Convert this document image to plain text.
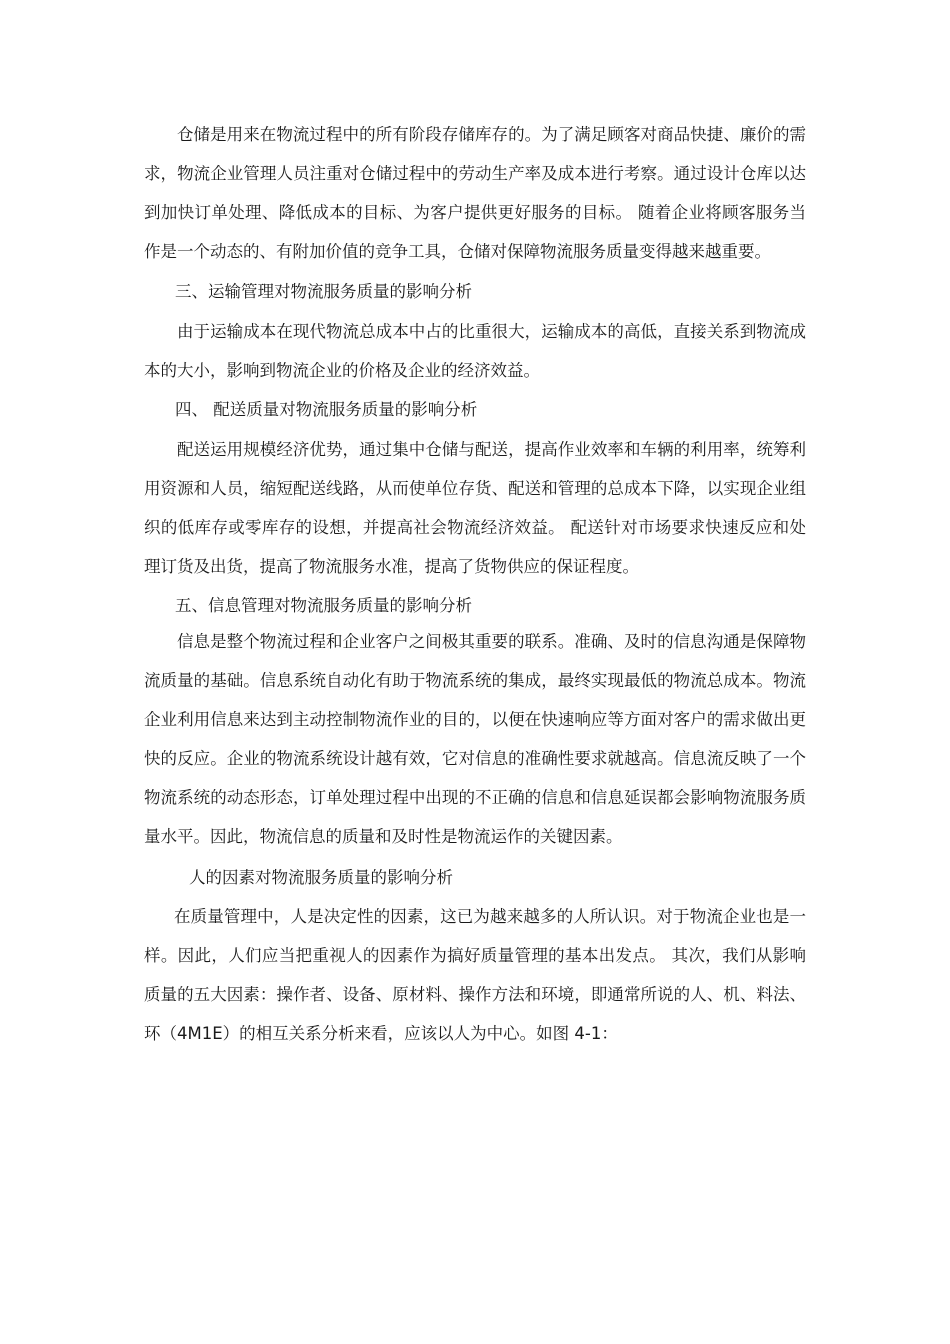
仓储是用来在物流过程中的所有阶段存储库存的。为了满足顾客对商品快捷、廉价的需求，物流企业管理人员注重对仓储过程中的劳动生产率及成本进行考察。通过设计仓库以达到加快订单处理、降低成本的目标、为客户提供更好服务的目标。 随着企业将顾客服务当作是一个动态的、有附加价值的竞争工具，仓储对保障物流服务质量变得越来越重要。

三、运输管理对物流服务质量的影响分析

由于运输成本在现代物流总成本中占的比重很大，运输成本的高低，直接关系到物流成本的大小，影响到物流企业的价格及企业的经济效益。

四、 配送质量对物流服务质量的影响分析

配送运用规模经济优势，通过集中仓储与配送，提高作业效率和车辆的利用率，统筹利用资源和人员，缩短配送线路，从而使单位存货、配送和管理的总成本下降，以实现企业组织的低库存或零库存的设想，并提高社会物流经济效益。 配送针对市场要求快速反应和处理订货及出货，提高了物流服务水准，提高了货物供应的保证程度。

五、信息管理对物流服务质量的影响分析

信息是整个物流过程和企业客户之间极其重要的联系。准确、及时的信息沟通是保障物流质量的基础。信息系统自动化有助于物流系统的集成，最终实现最低的物流总成本。物流企业利用信息来达到主动控制物流作业的目的，以便在快速响应等方面对客户的需求做出更快的反应。企业的物流系统设计越有效，它对信息的准确性要求就越高。信息流反映了一个物流系统的动态形态，订单处理过程中出现的不正确的信息和信息延误都会影响物流服务质量水平。因此，物流信息的质量和及时性是物流运作的关键因素。

人的因素对物流服务质量的影响分析

在质量管理中，人是决定性的因素，这已为越来越多的人所认识。对于物流企业也是一样。因此，人们应当把重视人的因素作为搞好质量管理的基本出发点。 其次，我们从影响质量的五大因素：操作者、设备、原材料、操作方法和环境，即通常所说的人、机、料法、环（4M1E）的相互关系分析来看，应该以人为中心。如图 4-1：
